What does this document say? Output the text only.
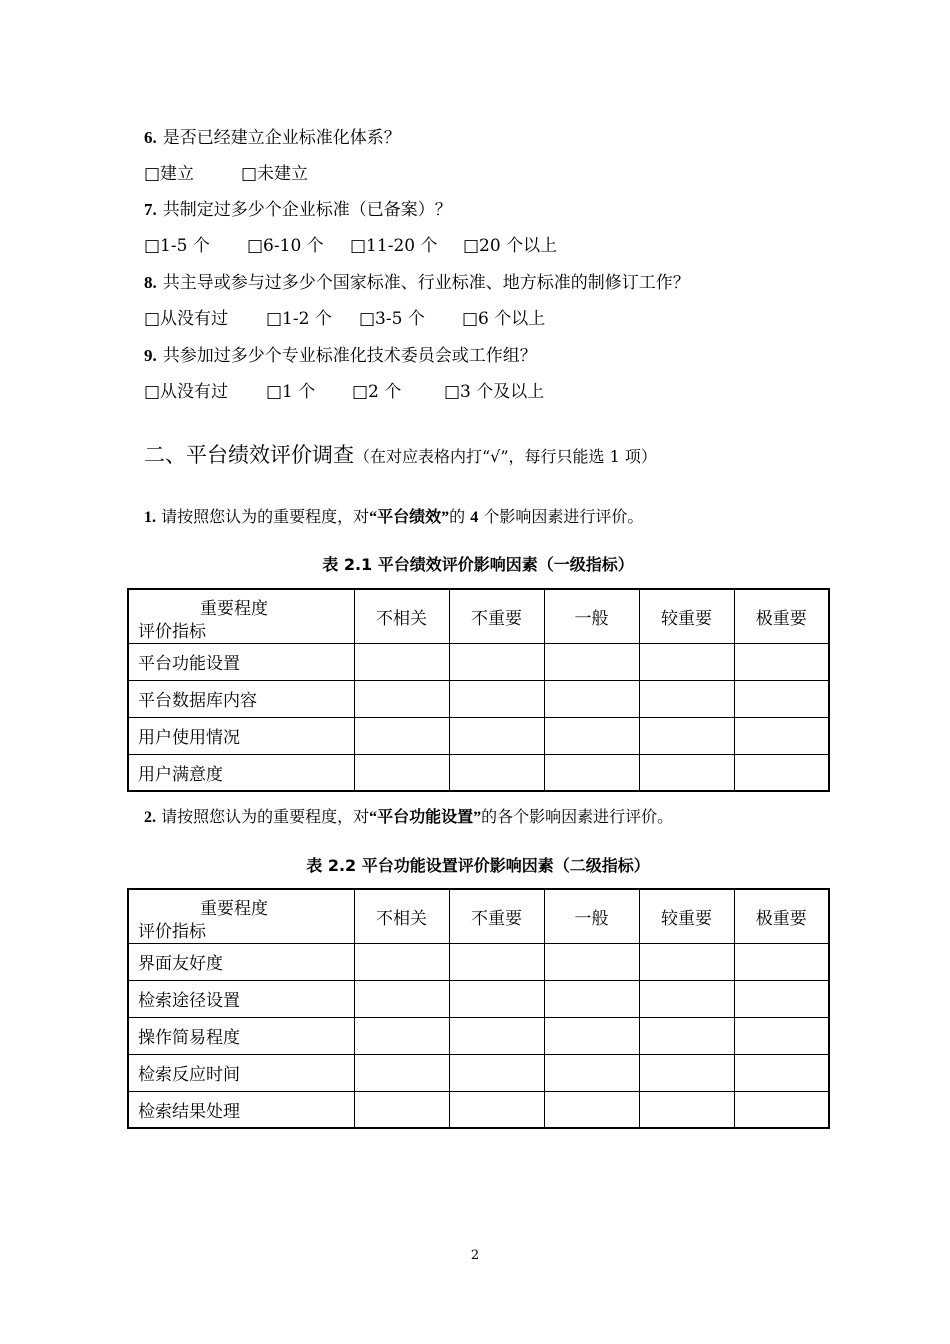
6. 是否已经建立企业标准化体系？
□建立	□未建立
7. 共制定过多少个企业标准（已备案）？
□1-5 个 □6-10 个 □11-20 个 □20 个以上
8. 共主导或参与过多少个国家标准、行业标准、地方标准的制修订工作？
□从没有过 □1-2 个 □3-5 个 □6 个以上
9. 共参加过多少个专业标准化技术委员会或工作组？
□从没有过 □1 个 □2 个	□3 个及以上
二、平台绩效评价调查（在对应表格内打“√”，每行只能选 1 项）
1. 请按照您认为的重要程度，对“平台绩效”的 4 个影响因素进行评价。
表 2.1 平台绩效评价影响因素（一级指标）
重要程度
评价指标	不相关	不重要	一般	较重要	极重要
平台功能设置					
平台数据库内容					
用户使用情况					
用户满意度					
2. 请按照您认为的重要程度，对“平台功能设置”的各个影响因素进行评价。
表 2.2 平台功能设置评价影响因素（二级指标）
重要程度
评价指标	不相关	不重要	一般	较重要	极重要
界面友好度					
检索途径设置					
操作简易程度					
检索反应时间					
检索结果处理					
2
